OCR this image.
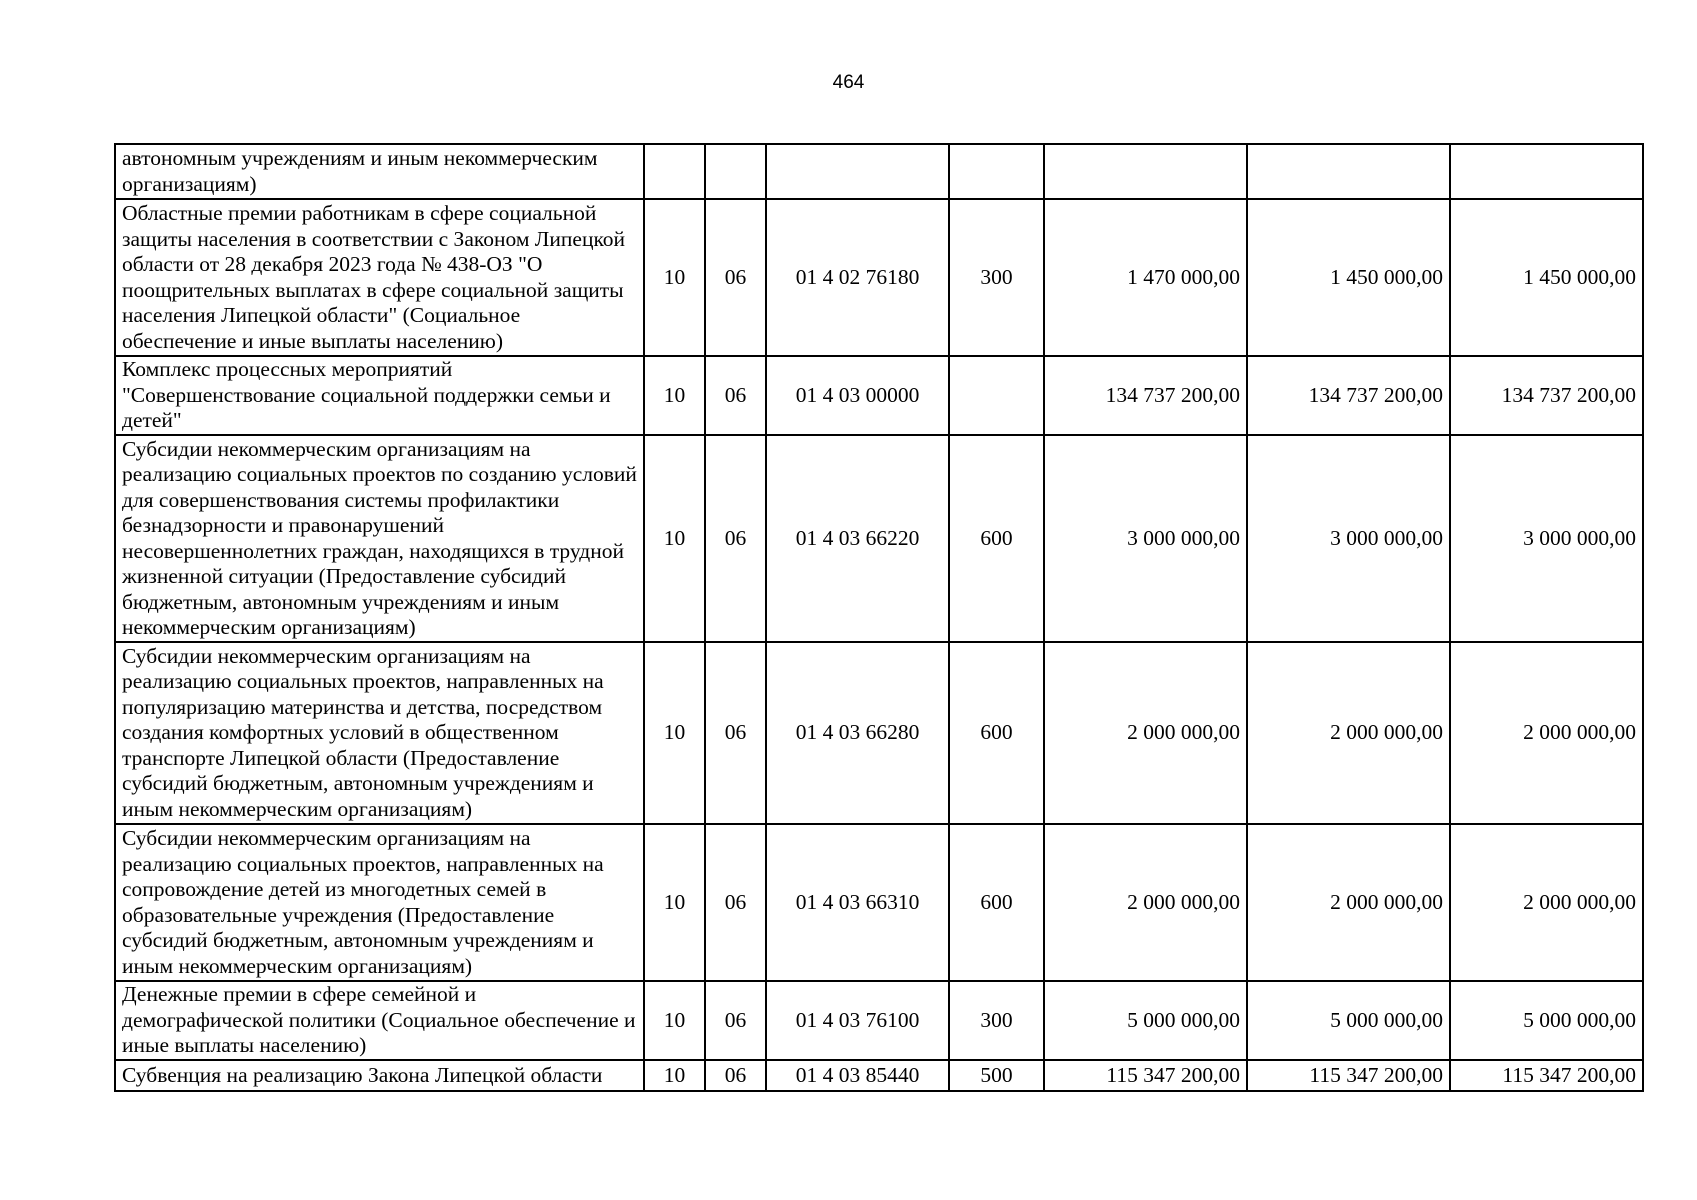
464
автономным учреждениям и иным некоммерческим организациям)							
Областные премии работникам в сфере социальной защиты населения в соответствии с Законом Липецкой области от 28 декабря 2023 года № 438-ОЗ "О поощрительных выплатах в сфере социальной защиты населения Липецкой области" (Социальное обеспечение и иные выплаты населению)	10	06	01 4 02 76180	300	1 470 000,00	1 450 000,00	1 450 000,00
Комплекс процессных мероприятий "Совершенствование социальной поддержки семьи и детей"	10	06	01 4 03 00000		134 737 200,00	134 737 200,00	134 737 200,00
Субсидии некоммерческим организациям на реализацию социальных проектов по созданию условий для совершенствования системы профилактики безнадзорности и правонарушений несовершеннолетних граждан, находящихся в трудной жизненной ситуации (Предоставление субсидий бюджетным, автономным учреждениям и иным некоммерческим организациям)	10	06	01 4 03 66220	600	3 000 000,00	3 000 000,00	3 000 000,00
Субсидии некоммерческим организациям на реализацию социальных проектов, направленных на популяризацию материнства и детства, посредством создания комфортных условий в общественном транспорте Липецкой области (Предоставление субсидий бюджетным, автономным учреждениям и иным некоммерческим организациям)	10	06	01 4 03 66280	600	2 000 000,00	2 000 000,00	2 000 000,00
Субсидии некоммерческим организациям на реализацию социальных проектов, направленных на сопровождение детей из многодетных семей в образовательные учреждения (Предоставление субсидий бюджетным, автономным учреждениям и иным некоммерческим организациям)	10	06	01 4 03 66310	600	2 000 000,00	2 000 000,00	2 000 000,00
Денежные премии в сфере семейной и демографической политики (Социальное обеспечение и иные выплаты населению)	10	06	01 4 03 76100	300	5 000 000,00	5 000 000,00	5 000 000,00
Субвенция на реализацию Закона Липецкой области	10	06	01 4 03 85440	500	115 347 200,00	115 347 200,00	115 347 200,00
